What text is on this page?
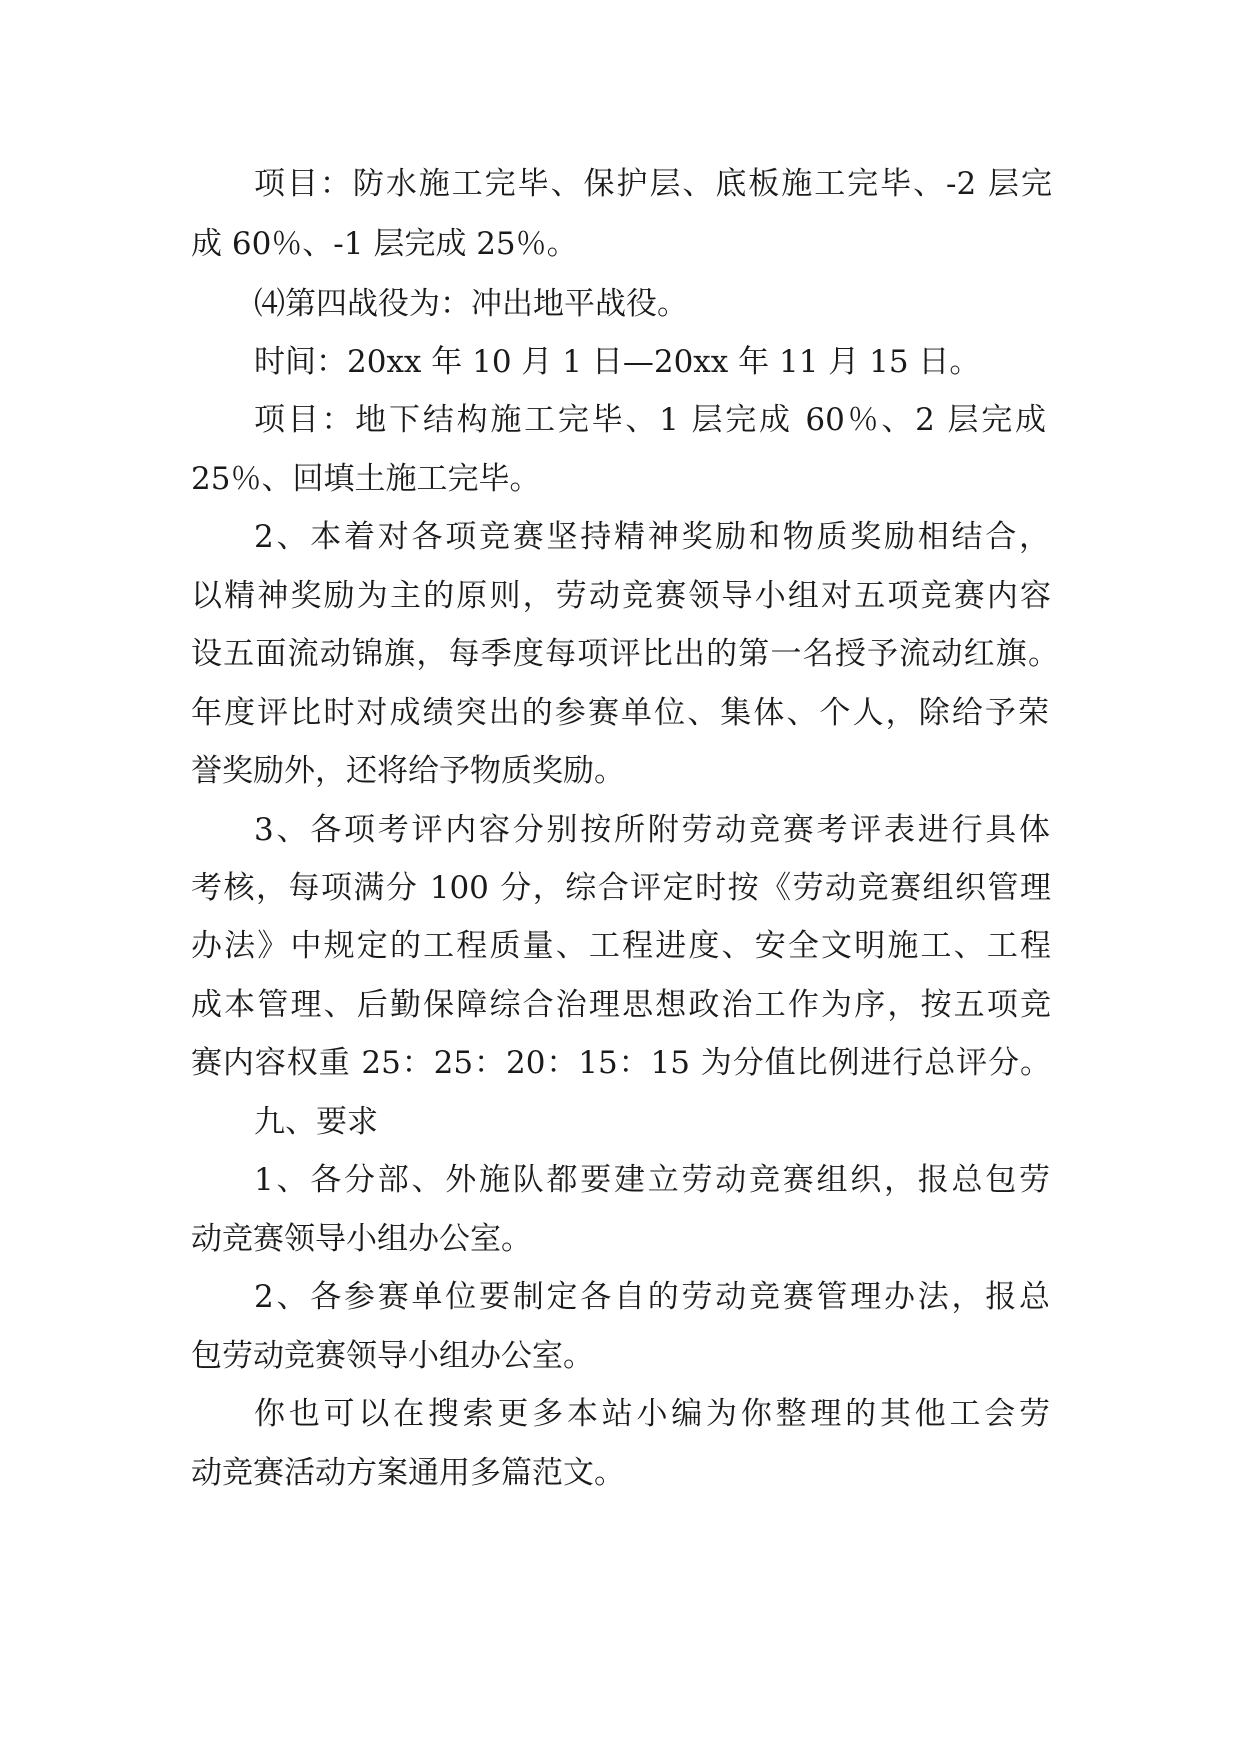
项目：防水施工完毕、保护层、底板施工完毕、-2 层完
成 60％、-1 层完成 25％。
⑷第四战役为：冲出地平战役。
时间：20xx 年 10 月 1 日—20xx 年 11 月 15 日。
项目：地下结构施工完毕、1 层完成 60％、2 层完成
25％、回填土施工完毕。
2、本着对各项竞赛坚持精神奖励和物质奖励相结合，
以精神奖励为主的原则，劳动竞赛领导小组对五项竞赛内容
设五面流动锦旗，每季度每项评比出的第一名授予流动红旗。
年度评比时对成绩突出的参赛单位、集体、个人，除给予荣
誉奖励外，还将给予物质奖励。
3、各项考评内容分别按所附劳动竞赛考评表进行具体
考核，每项满分 100 分，综合评定时按《劳动竞赛组织管理
办法》中规定的工程质量、工程进度、安全文明施工、工程
成本管理、后勤保障综合治理思想政治工作为序，按五项竞
赛内容权重 25：25：20：15：15 为分值比例进行总评分。
九、要求
1、各分部、外施队都要建立劳动竞赛组织，报总包劳
动竞赛领导小组办公室。
2、各参赛单位要制定各自的劳动竞赛管理办法，报总
包劳动竞赛领导小组办公室。
你也可以在搜索更多本站小编为你整理的其他工会劳
动竞赛活动方案通用多篇范文。
